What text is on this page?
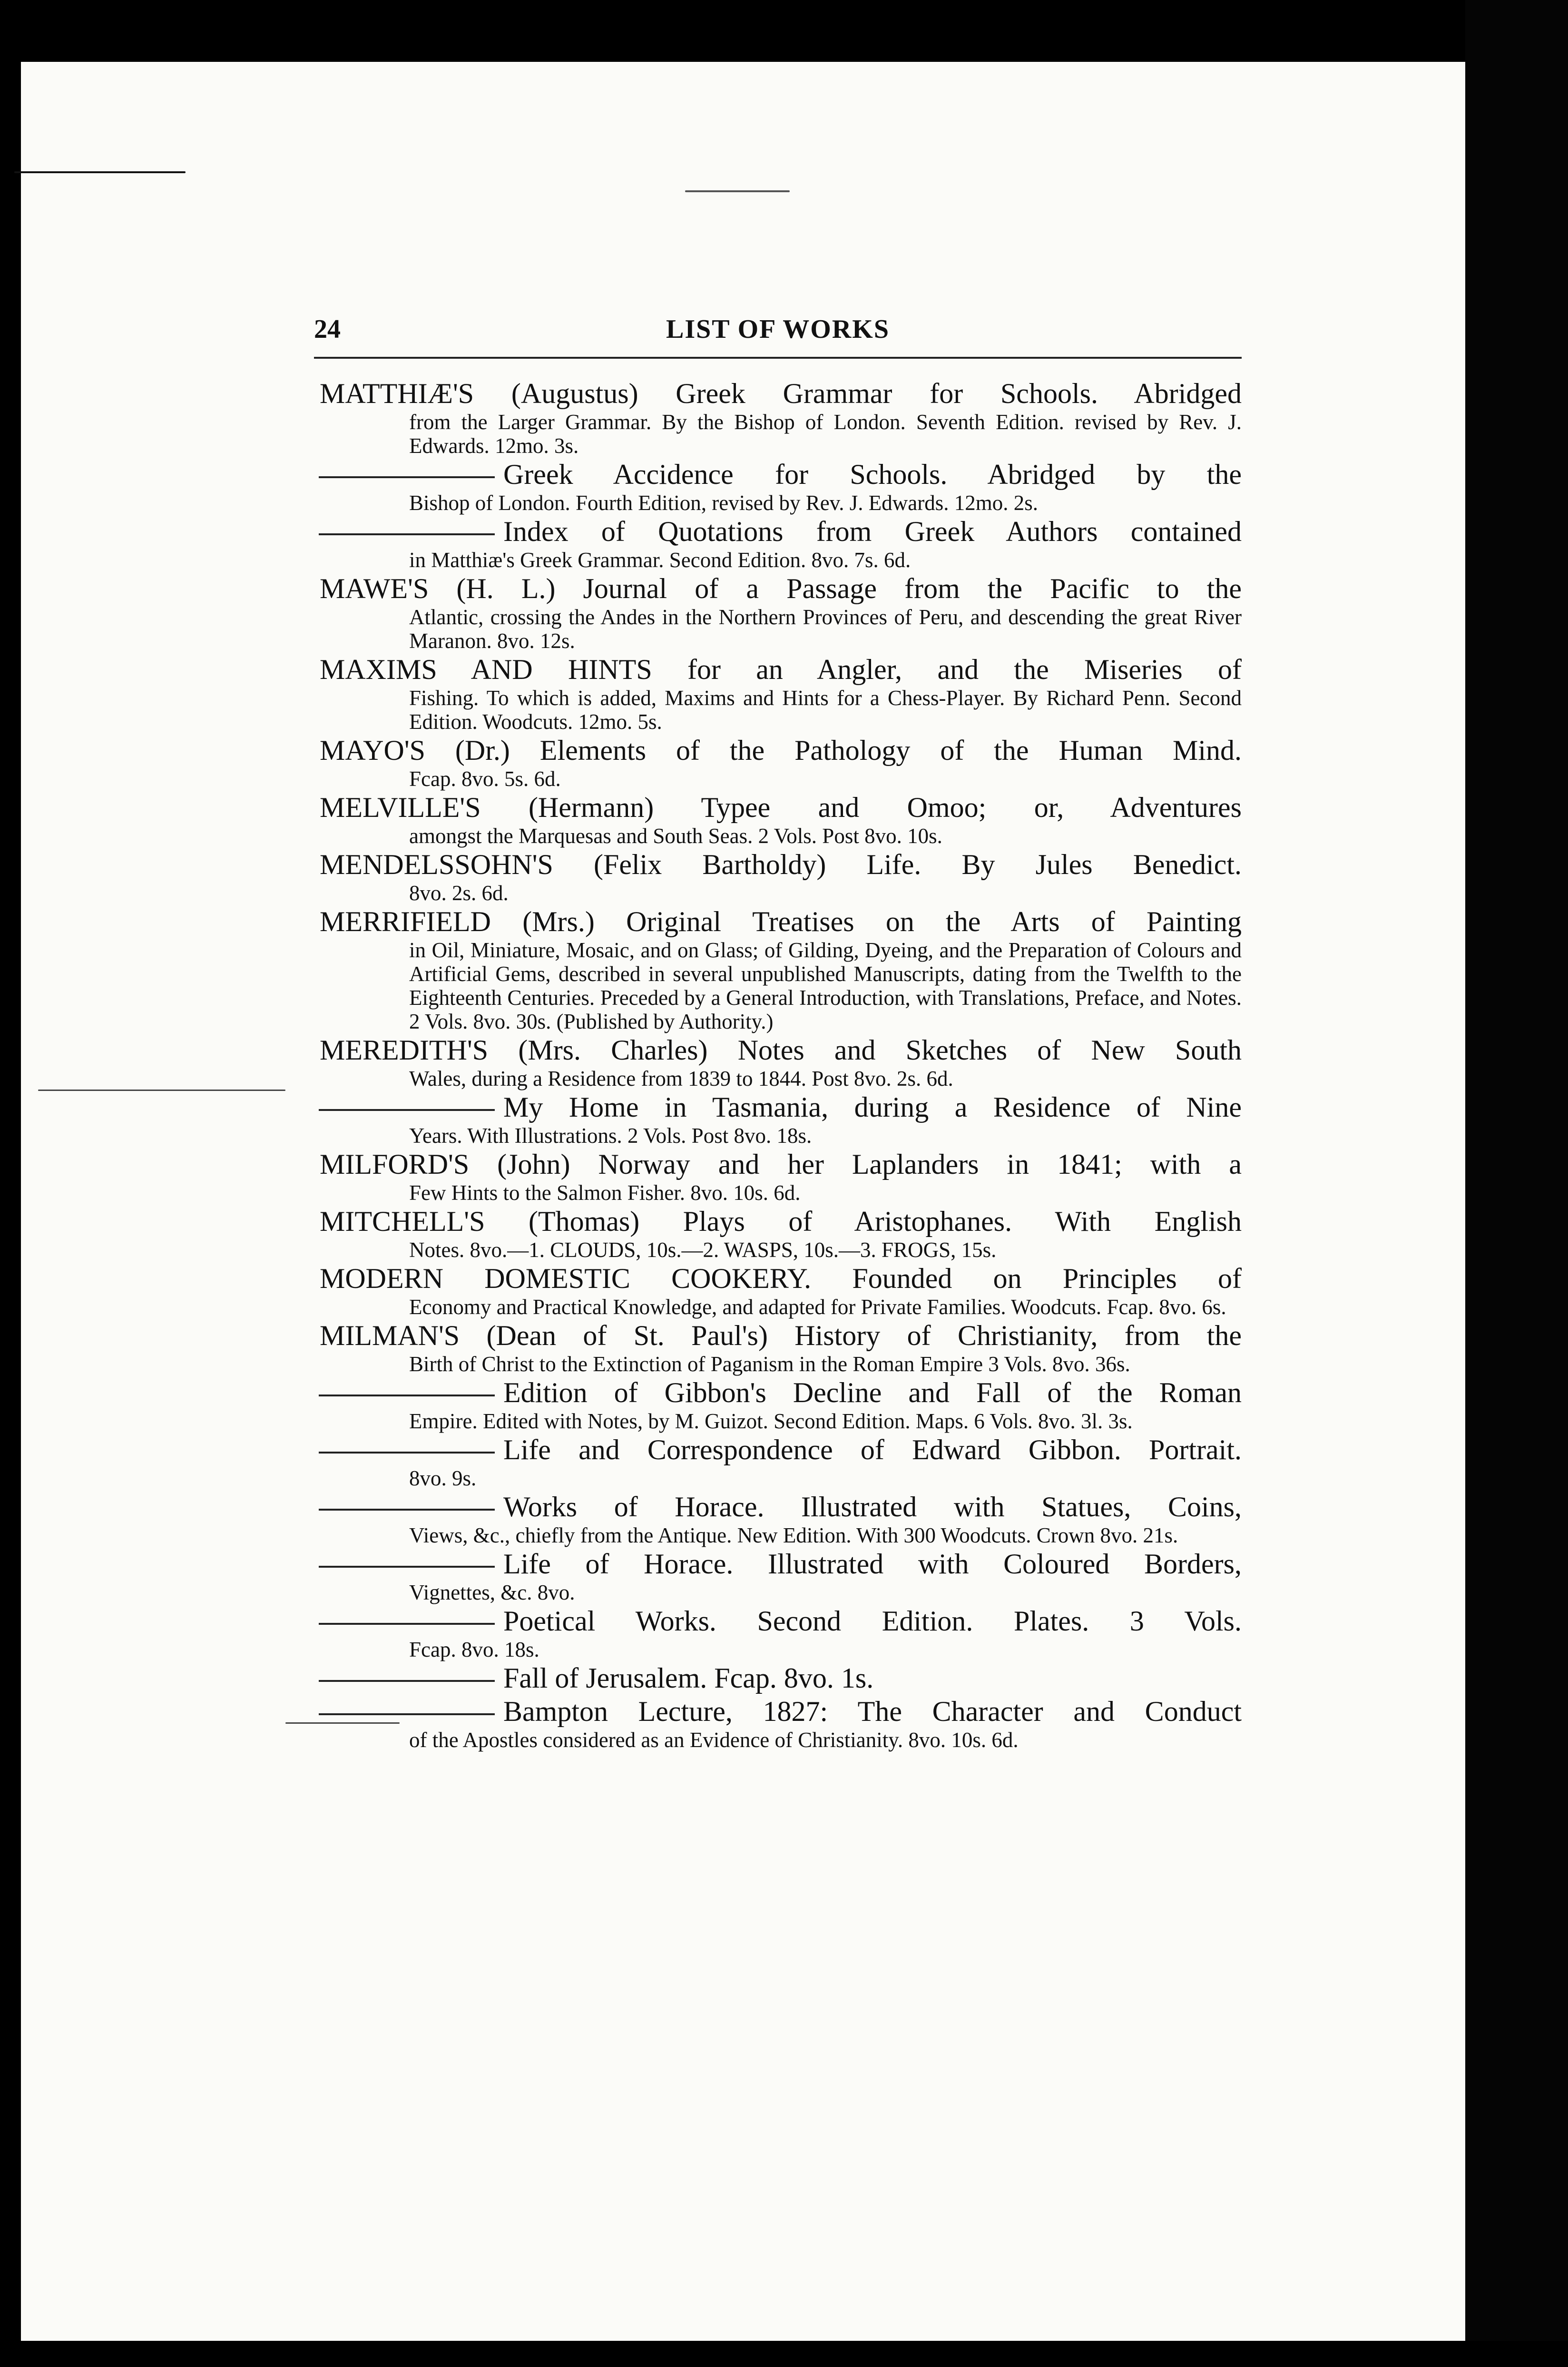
24	LIST OF WORKS
MATTHIÆ'S (Augustus) Greek Grammar for Schools. Abridged
from the Larger Grammar. By the Bishop of London. Seventh Edition. revised by Rev. J. Edwards. 12mo. 3s.
Greek Accidence for Schools. Abridged by the
Bishop of London. Fourth Edition, revised by Rev. J. Edwards. 12mo. 2s.
Index of Quotations from Greek Authors contained
in Matthiæ's Greek Grammar. Second Edition. 8vo. 7s. 6d.
MAWE'S (H. L.) Journal of a Passage from the Pacific to the
Atlantic, crossing the Andes in the Northern Provinces of Peru, and descending the great River Maranon. 8vo. 12s.
MAXIMS AND HINTS for an Angler, and the Miseries of
Fishing. To which is added, Maxims and Hints for a Chess-Player. By Richard Penn. Second Edition. Woodcuts. 12mo. 5s.
MAYO'S (Dr.) Elements of the Pathology of the Human Mind.
Fcap. 8vo. 5s. 6d.
MELVILLE'S (Hermann) Typee and Omoo; or, Adventures
amongst the Marquesas and South Seas. 2 Vols. Post 8vo. 10s.
MENDELSSOHN'S (Felix Bartholdy) Life. By Jules Benedict.
8vo. 2s. 6d.
MERRIFIELD (Mrs.) Original Treatises on the Arts of Painting
in Oil, Miniature, Mosaic, and on Glass; of Gilding, Dyeing, and the Preparation of Colours and Artificial Gems, described in several unpublished Manuscripts, dating from the Twelfth to the Eighteenth Centuries. Preceded by a General Introduction, with Translations, Preface, and Notes. 2 Vols. 8vo. 30s. (Published by Authority.)
MEREDITH'S (Mrs. Charles) Notes and Sketches of New South
Wales, during a Residence from 1839 to 1844. Post 8vo. 2s. 6d.
My Home in Tasmania, during a Residence of Nine
Years. With Illustrations. 2 Vols. Post 8vo. 18s.
MILFORD'S (John) Norway and her Laplanders in 1841; with a
Few Hints to the Salmon Fisher. 8vo. 10s. 6d.
MITCHELL'S (Thomas) Plays of Aristophanes. With English
Notes. 8vo.—1. CLOUDS, 10s.—2. WASPS, 10s.—3. FROGS, 15s.
MODERN DOMESTIC COOKERY. Founded on Principles of
Economy and Practical Knowledge, and adapted for Private Families. Woodcuts. Fcap. 8vo. 6s.
MILMAN'S (Dean of St. Paul's) History of Christianity, from the
Birth of Christ to the Extinction of Paganism in the Roman Empire 3 Vols. 8vo. 36s.
Edition of Gibbon's Decline and Fall of the Roman
Empire. Edited with Notes, by M. Guizot. Second Edition. Maps. 6 Vols. 8vo. 3l. 3s.
Life and Correspondence of Edward Gibbon. Portrait.
8vo. 9s.
Works of Horace. Illustrated with Statues, Coins,
Views, &c., chiefly from the Antique. New Edition. With 300 Woodcuts. Crown 8vo. 21s.
Life of Horace. Illustrated with Coloured Borders,
Vignettes, &c. 8vo.
Poetical Works. Second Edition. Plates. 3 Vols.
Fcap. 8vo. 18s.
Fall of Jerusalem. Fcap. 8vo. 1s.
Bampton Lecture, 1827: The Character and Conduct
of the Apostles considered as an Evidence of Christianity. 8vo. 10s. 6d.
